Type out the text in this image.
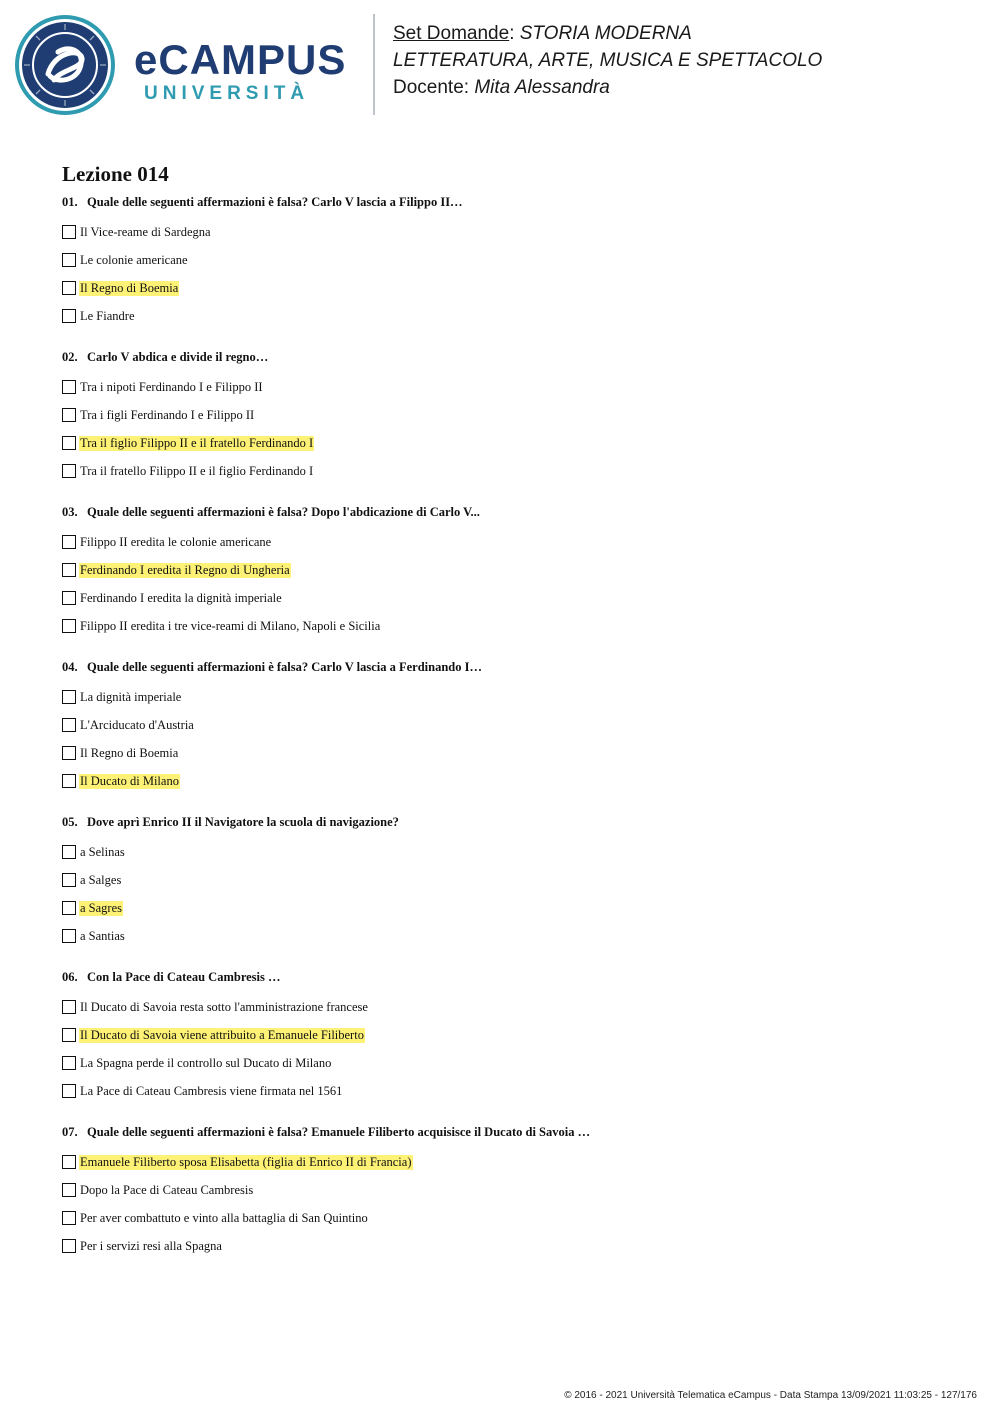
eCAMPUS
UNIVERSITÀ
Set Domande: STORIA MODERNA
LETTERATURA, ARTE, MUSICA E SPETTACOLO
Docente: Mita Alessandra
Lezione 014
01. Quale delle seguenti affermazioni è falsa? Carlo V lascia a Filippo II…
Il Vice-reame di Sardegna
Le colonie americane
Il Regno di Boemia
Le Fiandre
02. Carlo V abdica e divide il regno…
Tra i nipoti Ferdinando I e Filippo II
Tra i figli Ferdinando I e Filippo II
Tra il figlio Filippo II e il fratello Ferdinando I
Tra il fratello Filippo II e il figlio Ferdinando I
03. Quale delle seguenti affermazioni è falsa? Dopo l'abdicazione di Carlo V...
Filippo II eredita le colonie americane
Ferdinando I eredita il Regno di Ungheria
Ferdinando I eredita la dignità imperiale
Filippo II eredita i tre vice-reami di Milano, Napoli e Sicilia
04. Quale delle seguenti affermazioni è falsa? Carlo V lascia a Ferdinando I…
La dignità imperiale
L'Arciducato d'Austria
Il Regno di Boemia
Il Ducato di Milano
05. Dove aprì Enrico II il Navigatore la scuola di navigazione?
a Selinas
a Salges
a Sagres
a Santias
06. Con la Pace di Cateau Cambresis …
Il Ducato di Savoia resta sotto l'amministrazione francese
Il Ducato di Savoia viene attribuito a Emanuele Filiberto
La Spagna perde il controllo sul Ducato di Milano
La Pace di Cateau Cambresis viene firmata nel 1561
07. Quale delle seguenti affermazioni è falsa? Emanuele Filiberto acquisisce il Ducato di Savoia …
Emanuele Filiberto sposa Elisabetta (figlia di Enrico II di Francia)
Dopo la Pace di Cateau Cambresis
Per aver combattuto e vinto alla battaglia di San Quintino
Per i servizi resi alla Spagna
© 2016 - 2021 Università Telematica eCampus - Data Stampa 13/09/2021 11:03:25 - 127/176
